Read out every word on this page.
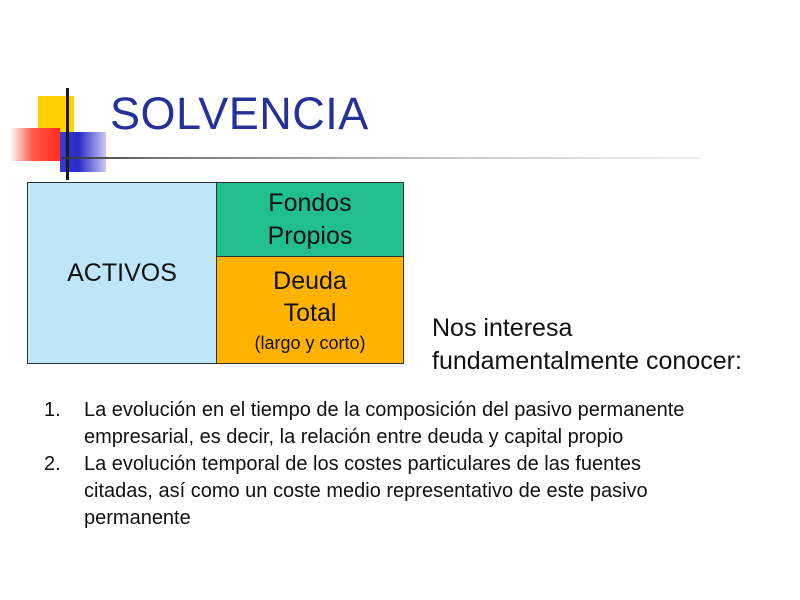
SOLVENCIA
ACTIVOS
Fondos
Propios
Deuda
Total
(largo y corto)
Nos interesa
fundamentalmente conocer:
1.	La evolución en el tiempo de la composición del pasivo permanente
empresarial, es decir, la relación entre deuda y capital propio
2.	La evolución temporal de los costes particulares de las fuentes
citadas, así como un coste medio representativo de este pasivo
permanente
